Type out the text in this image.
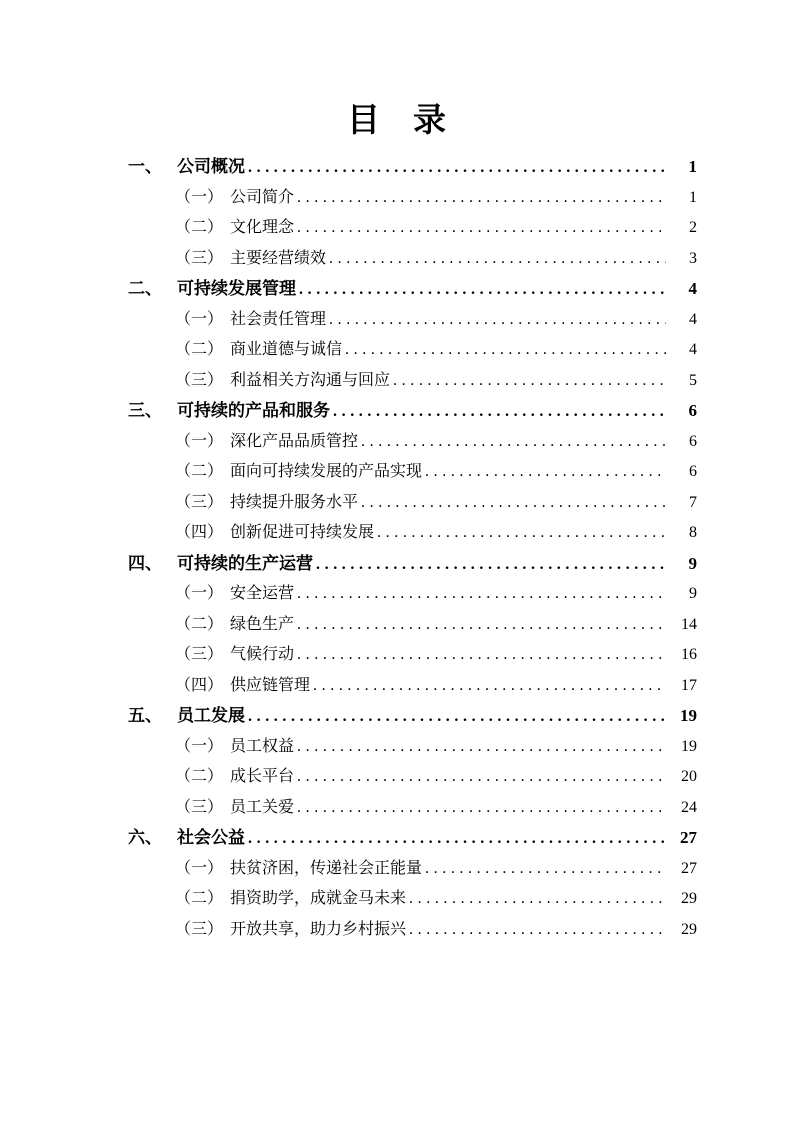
目　录
一、 公司概况 .....	1
（一） 公司简介 .....	1
（二） 文化理念 .....	2
（三） 主要经营绩效 .....	3
二、 可持续发展管理 .....	4
（一） 社会责任管理 .....	4
（二） 商业道德与诚信 .....	4
（三） 利益相关方沟通与回应 .....	5
三、 可持续的产品和服务 .....	6
（一） 深化产品品质管控 .....	6
（二） 面向可持续发展的产品实现 .....	6
（三） 持续提升服务水平 .....	7
（四） 创新促进可持续发展 .....	8
四、 可持续的生产运营 .....	9
（一） 安全运营 .....	9
（二） 绿色生产 .....	14
（三） 气候行动 .....	16
（四） 供应链管理 .....	17
五、 员工发展 .....	19
（一） 员工权益 .....	19
（二） 成长平台 .....	20
（三） 员工关爱 .....	24
六、 社会公益 .....	27
（一） 扶贫济困，传递社会正能量 .....	27
（二） 捐资助学，成就金马未来 .....	29
（三） 开放共享，助力乡村振兴 .....	29
